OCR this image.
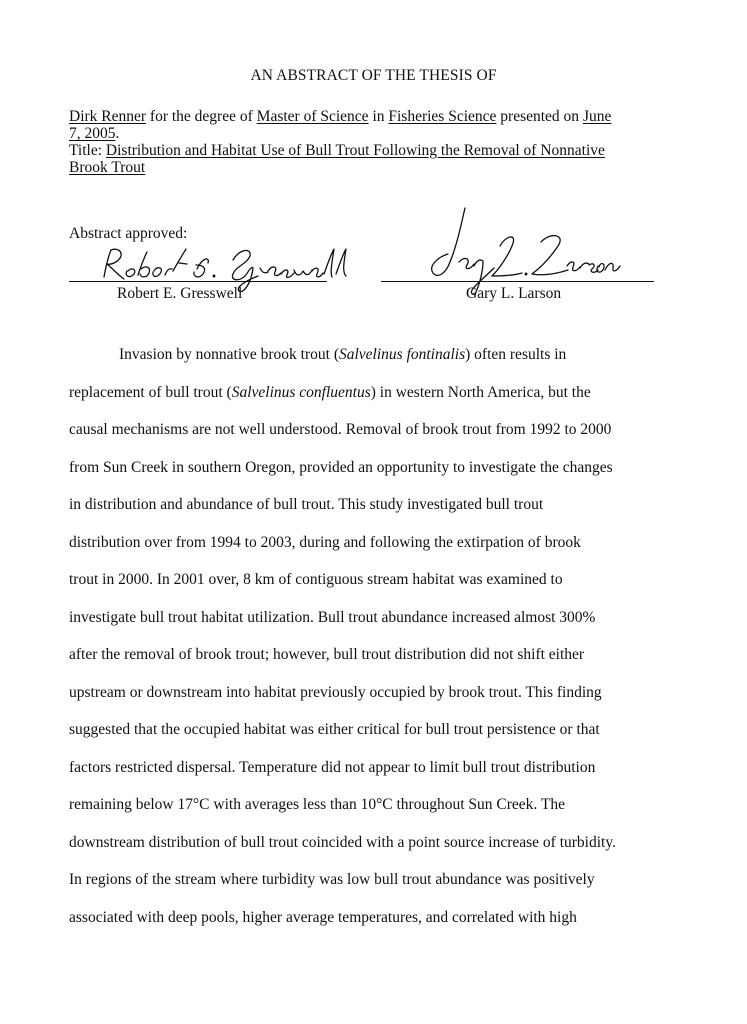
AN ABSTRACT OF THE THESIS OF
Dirk Renner for the degree of Master of Science in Fisheries Science presented on June
7, 2005.
Title: Distribution and Habitat Use of Bull Trout Following the Removal of Nonnative
Brook Trout
Abstract approved:
Robert E. Gresswell	Gary L. Larson
Invasion by nonnative brook trout (Salvelinus fontinalis) often results in
replacement of bull trout (Salvelinus confluentus) in western North America, but the
causal mechanisms are not well understood. Removal of brook trout from 1992 to 2000
from Sun Creek in southern Oregon, provided an opportunity to investigate the changes
in distribution and abundance of bull trout. This study investigated bull trout
distribution over from 1994 to 2003, during and following the extirpation of brook
trout in 2000. In 2001 over, 8 km of contiguous stream habitat was examined to
investigate bull trout habitat utilization. Bull trout abundance increased almost 300%
after the removal of brook trout; however, bull trout distribution did not shift either
upstream or downstream into habitat previously occupied by brook trout. This finding
suggested that the occupied habitat was either critical for bull trout persistence or that
factors restricted dispersal. Temperature did not appear to limit bull trout distribution
remaining below 17°C with averages less than 10°C throughout Sun Creek. The
downstream distribution of bull trout coincided with a point source increase of turbidity.
In regions of the stream where turbidity was low bull trout abundance was positively
associated with deep pools, higher average temperatures, and correlated with high
